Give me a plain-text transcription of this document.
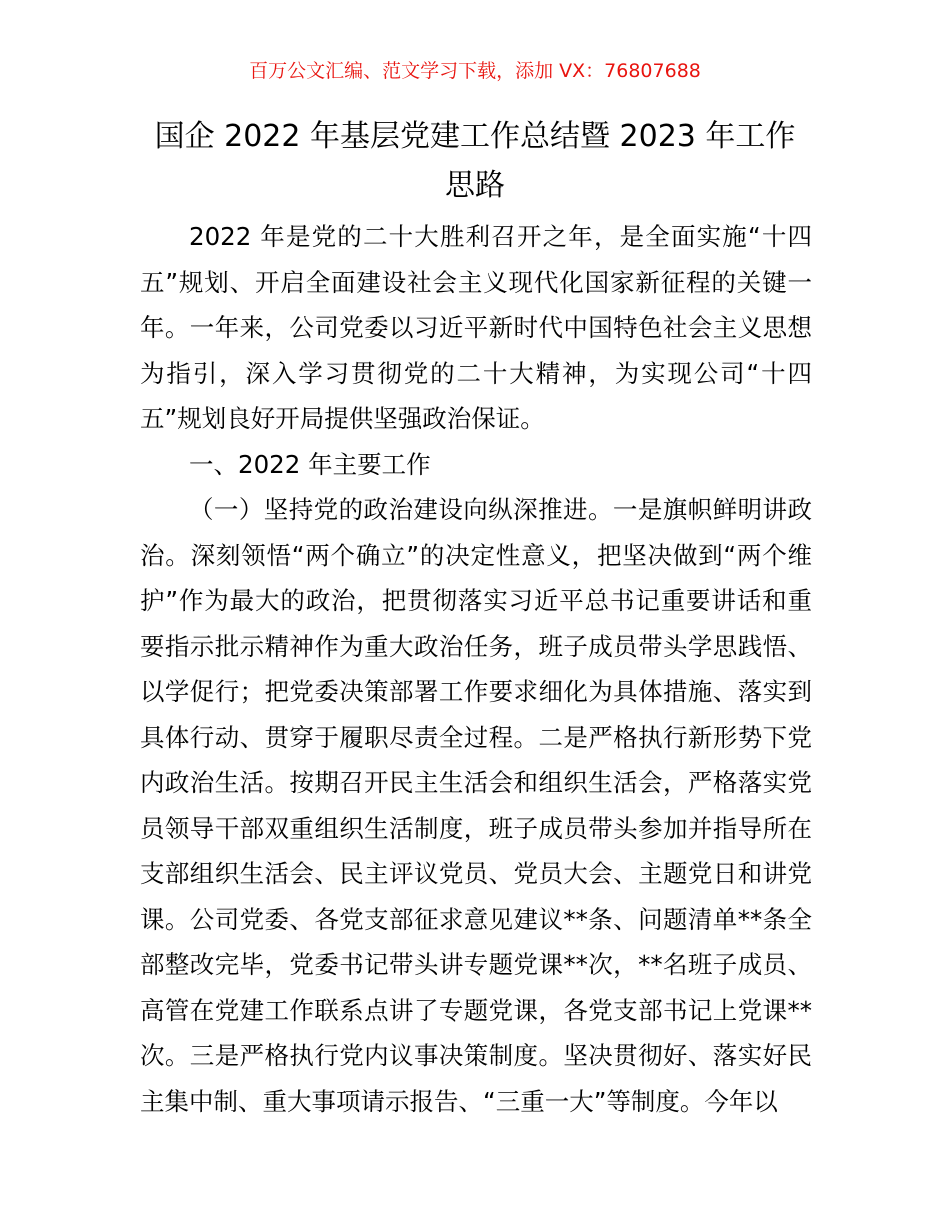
百万公文汇编、范文学习下载，添加 VX：76807688
国企 2022 年基层党建工作总结暨 2023 年工作思路

2022 年是党的二十大胜利召开之年，是全面实施“十四五”规划、开启全面建设社会主义现代化国家新征程的关键一年。一年来，公司党委以习近平新时代中国特色社会主义思想为指引，深入学习贯彻党的二十大精神，为实现公司“十四五”规划良好开局提供坚强政治保证。

一、2022 年主要工作

（一）坚持党的政治建设向纵深推进。一是旗帜鲜明讲政治。深刻领悟“两个确立”的决定性意义，把坚决做到“两个维护”作为最大的政治，把贯彻落实习近平总书记重要讲话和重要指示批示精神作为重大政治任务，班子成员带头学思践悟、以学促行；把党委决策部署工作要求细化为具体措施、落实到具体行动、贯穿于履职尽责全过程。二是严格执行新形势下党内政治生活。按期召开民主生活会和组织生活会，严格落实党员领导干部双重组织生活制度，班子成员带头参加并指导所在支部组织生活会、民主评议党员、党员大会、主题党日和讲党课。公司党委、各党支部征求意见建议**条、问题清单**条全部整改完毕，党委书记带头讲专题党课**次，**名班子成员、高管在党建工作联系点讲了专题党课，各党支部书记上党课**次。三是严格执行党内议事决策制度。坚决贯彻好、落实好民主集中制、重大事项请示报告、“三重一大”等制度。今年以
